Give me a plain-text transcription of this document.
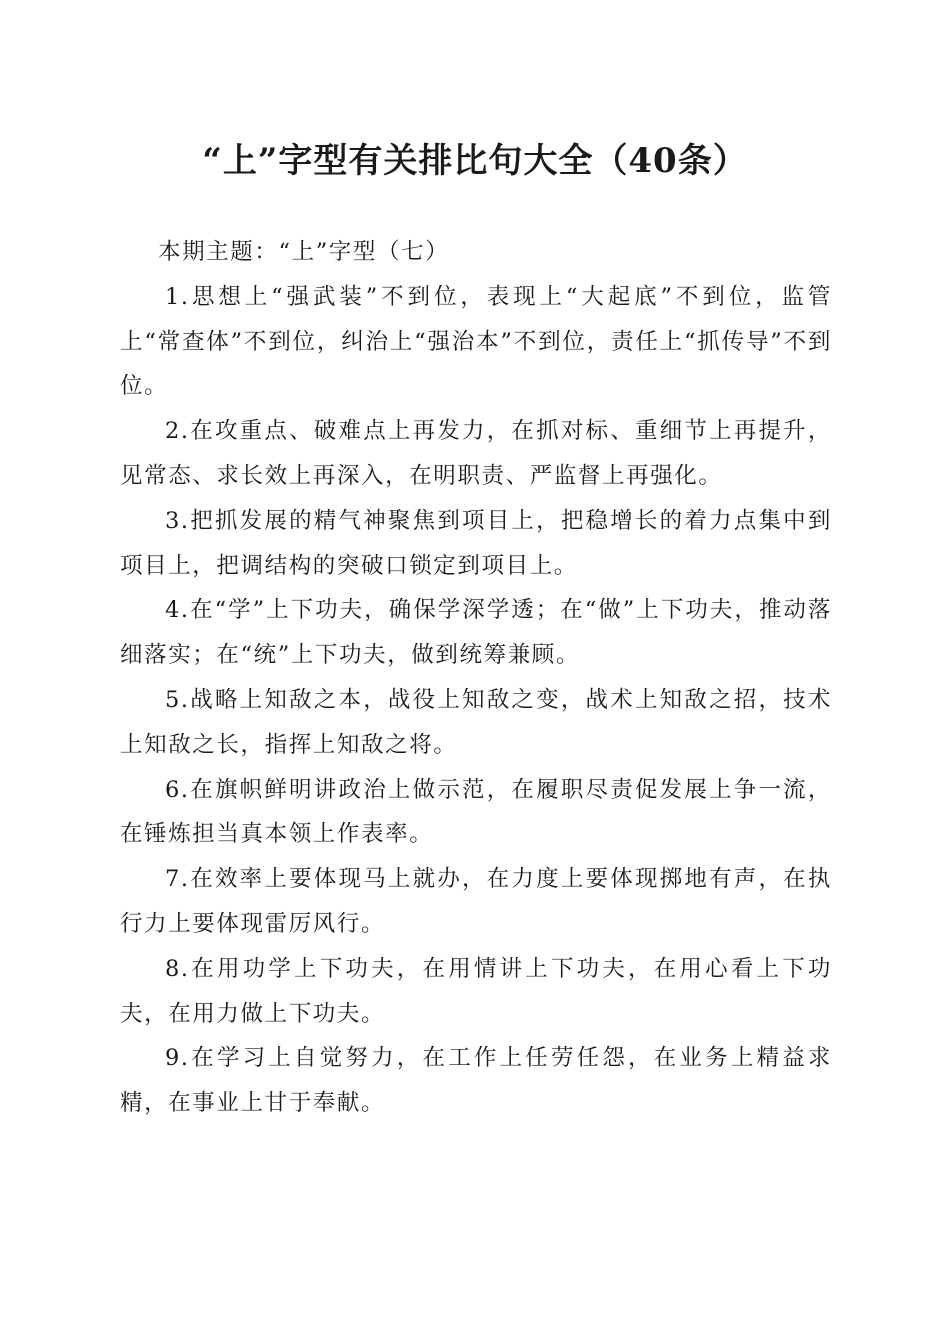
“上”字型有关排比句大全（40条）

本期主题：“上”字型（七）

1.思想上“强武装”不到位，表现上“大起底”不到位，监管上“常查体”不到位，纠治上“强治本”不到位，责任上“抓传导”不到位。

2.在攻重点、破难点上再发力，在抓对标、重细节上再提升，见常态、求长效上再深入，在明职责、严监督上再强化。

3.把抓发展的精气神聚焦到项目上，把稳增长的着力点集中到项目上，把调结构的突破口锁定到项目上。

4.在“学”上下功夫，确保学深学透；在“做”上下功夫，推动落细落实；在“统”上下功夫，做到统筹兼顾。

5.战略上知敌之本，战役上知敌之变，战术上知敌之招，技术上知敌之长，指挥上知敌之将。

6.在旗帜鲜明讲政治上做示范，在履职尽责促发展上争一流，在锤炼担当真本领上作表率。

7.在效率上要体现马上就办，在力度上要体现掷地有声，在执行力上要体现雷厉风行。

8.在用功学上下功夫，在用情讲上下功夫，在用心看上下功夫，在用力做上下功夫。

9.在学习上自觉努力，在工作上任劳任怨，在业务上精益求精，在事业上甘于奉献。
